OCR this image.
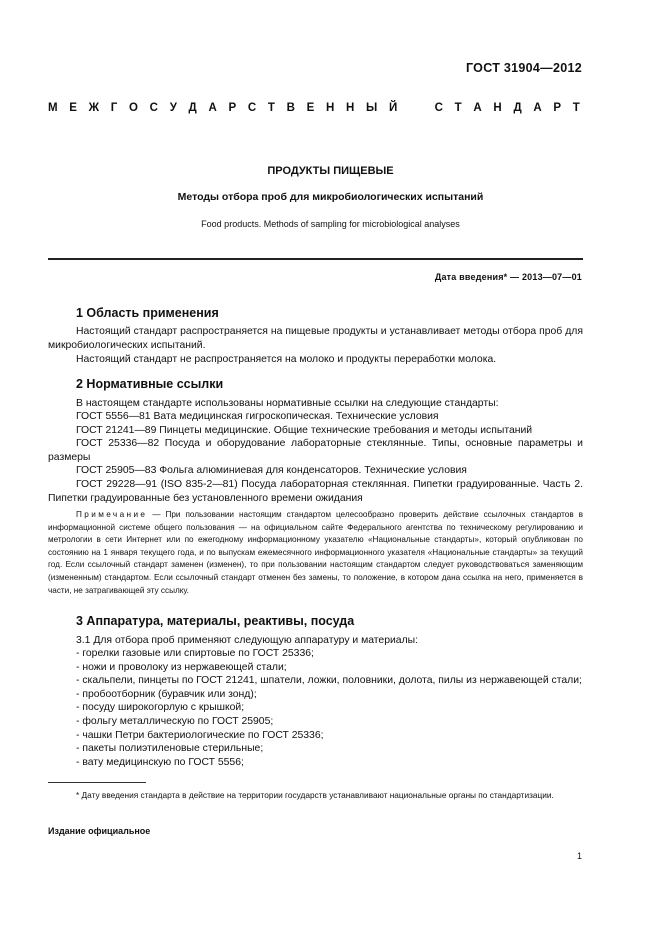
ГОСТ 31904—2012
М Е Ж Г О С У Д А Р С Т В Е Н Н Ы Й	С Т А Н Д А Р Т
ПРОДУКТЫ ПИЩЕВЫЕ
Методы отбора проб для микробиологических испытаний
Food products. Methods of sampling for microbiological analyses
Дата введения* — 2013—07—01
1 Область применения

Настоящий стандарт распространяется на пищевые продукты и устанавливает методы отбора проб для микробиологических испытаний.

Настоящий стандарт не распространяется на молоко и продукты переработки молока.

2 Нормативные ссылки

В настоящем стандарте использованы нормативные ссылки на следующие стандарты:

ГОСТ 5556—81 Вата медицинская гигроскопическая. Технические условия

ГОСТ 21241—89 Пинцеты медицинские. Общие технические требования и методы испытаний

ГОСТ 25336—82 Посуда и оборудование лабораторные стеклянные. Типы, основные параметры и размеры

ГОСТ 25905—83 Фольга алюминиевая для конденсаторов. Технические условия

ГОСТ 29228—91 (ISO 835-2—81) Посуда лабораторная стеклянная. Пипетки градуированные. Часть 2. Пипетки градуированные без установленного времени ожидания

Примечание — При пользовании настоящим стандартом целесообразно проверить действие ссылочных стандартов в информационной системе общего пользования — на официальном сайте Федерального агентства по техническому регулированию и метрологии в сети Интернет или по ежегодному информационному указателю «Национальные стандарты», который опубликован по состоянию на 1 января текущего года, и по выпускам ежемесячного информационного указателя «Национальные стандарты» за текущий год. Если ссылочный стандарт заменен (изменен), то при пользовании настоящим стандартом следует руководствоваться заменяющим (измененным) стандартом. Если ссылочный стандарт отменен без замены, то положение, в котором дана ссылка на него, применяется в части, не затрагивающей эту ссылку.

3 Аппаратура, материалы, реактивы, посуда

3.1 Для отбора проб применяют следующую аппаратуру и материалы:

- горелки газовые или спиртовые по ГОСТ 25336;
- ножи и проволоку из нержавеющей стали;
- скальпели, пинцеты по ГОСТ 21241, шпатели, ложки, половники, долота, пилы из нержавеющей стали;
- пробоотборник (буравчик или зонд);
- посуду широкогорлую с крышкой;
- фольгу металлическую по ГОСТ 25905;
- чашки Петри бактериологические по ГОСТ 25336;
- пакеты полиэтиленовые стерильные;
- вату медицинскую по ГОСТ 5556;

* Дату введения стандарта в действие на территории государств устанавливают национальные органы по стандартизации.

Издание официальное
1
